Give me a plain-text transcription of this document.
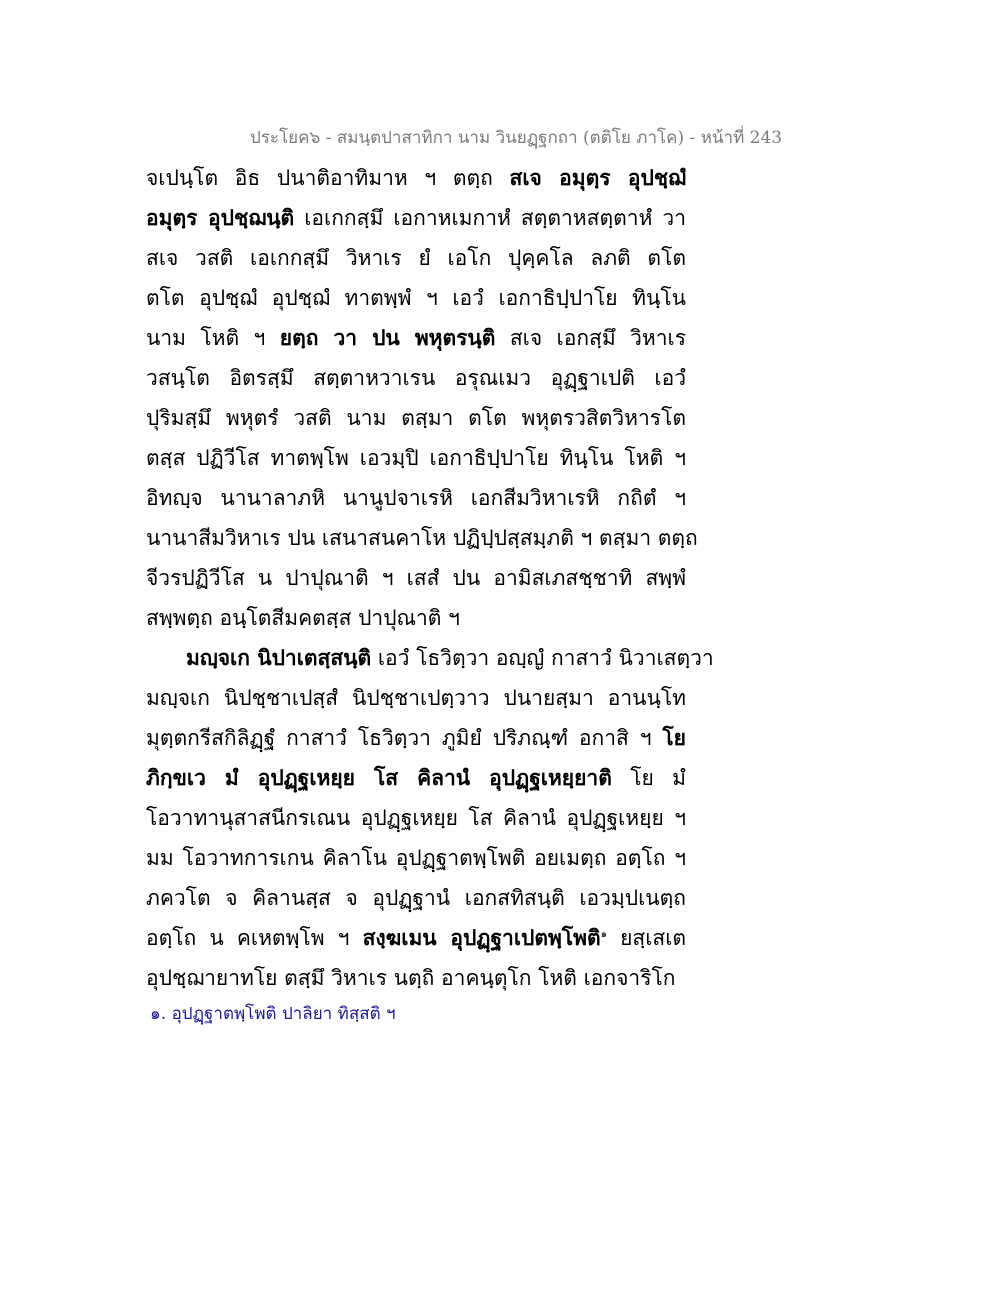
ประโยค๖ - สมนฺตปาสาทิกา นาม วินยฏฺฐกถา (ตติโย ภาโค) - หน้าที่ 243
จเปนฺโต อิธ ปนาติอาทิมาห ฯ ตตฺถ สเจ อมุตฺร อุปชฺฌํ
อมุตฺร อุปชฺฌนฺติ เอเกกสฺมึ เอกาหเมกาหํ สตฺตาหสตฺตาหํ วา
สเจ วสติ เอเกกสฺมึ วิหาเร ยํ เอโก ปุคฺคโล ลภติ ตโต
ตโต อุปชฺฌํ อุปชฺฌํ ทาตพฺพํ ฯ เอวํ เอกาธิปฺปาโย ทินฺโน
นาม โหติ ฯ ยตฺถ วา ปน พหุตรนฺติ สเจ เอกสฺมึ วิหาเร
วสนฺโต อิตรสฺมึ สตฺตาหวาเรน อรุณเมว อุฏฺฐาเปติ เอวํ
ปุริมสฺมึ พหุตรํ วสติ นาม ตสฺมา ตโต พหุตรวสิตวิหารโต
ตสฺส ปฏิวีโส ทาตพฺโพ เอวมฺปิ เอกาธิปฺปาโย ทินฺโน โหติ ฯ
อิทญฺจ นานาลาภหิ นานูปจาเรหิ เอกสีมวิหาเรหิ กถิตํ ฯ
นานาสีมวิหาเร ปน เสนาสนคาโห ปฏิปฺปสฺสมฺภติ ฯ ตสฺมา ตตฺถ
จีวรปฏิวีโส น ปาปุณาติ ฯ เสสํ ปน อามิสเภสชฺชาทิ สพฺพํ
สพฺพตฺถ อนฺโตสีมคตสฺส ปาปุณาติ ฯ
มญฺจเก นิปาเตสฺสนฺติ เอวํ โธวิตฺวา อญฺญํ กาสาวํ นิวาเสตฺวา
มญฺจเก นิปชฺชาเปสฺสํ นิปชฺชาเปตฺวาว ปนายสฺมา อานนฺโท
มุตฺตกรีสกิลิฏฺฐํ กาสาวํ โธวิตฺวา ภูมิยํ ปริภณฺฑํ อกาสิ ฯ โย
ภิกฺขเว มํ อุปฏฺฐเหยฺย โส คิลานํ อุปฏฺฐเหยฺยาติ โย มํ
โอวาทานุสาสนีกรเณน อุปฏฺฐเหยฺย โส คิลานํ อุปฏฺฐเหยฺย ฯ
มม โอวาทการเกน คิลาโน อุปฏฺฐาตพฺโพติ อยเมตฺถ อตฺโถ ฯ
ภควโต จ คิลานสฺส จ อุปฏฺฐานํ เอกสทิสนฺติ เอวมฺปเนตฺถ
อตฺโถ น คเหตพฺโพ ฯ สงฺฆเมน อุปฏฺฐาเปตพฺโพติ$^๑$ ยสฺเสเต
อุปชฺฌายาทโย ตสฺมึ วิหาเร นตฺถิ อาคนฺตุโก โหติ เอกจาริโก
๑. อุปฏฺฐาตพฺโพติ ปาลิยา ทิสฺสติ ฯ
